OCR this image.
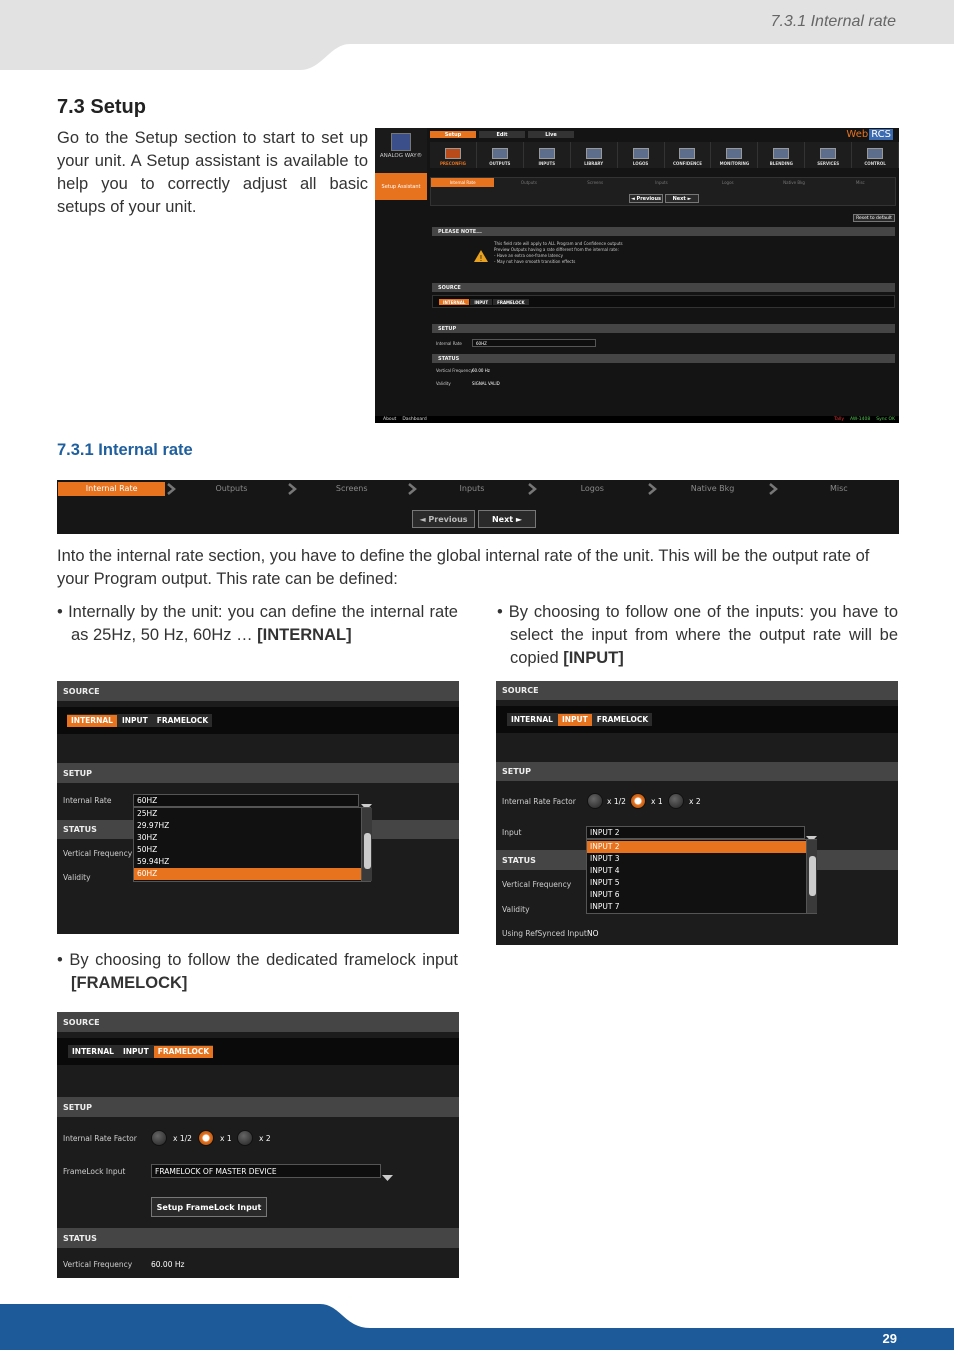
7.3.1 Internal rate
7.3 Setup
Go to the Setup section to start to set up your unit. A Setup assistant is available to help you to correctly adjust all basic setups of your unit.
ANALOG WAY®
Setup	Edit	Live	Web RCS
PRECONFIG	OUTPUTS	INPUTS	LIBRARY	LOGOS	CONFIDENCE	MONITORING	BLENDING	SERVICES	CONTROL
Setup Assistant
Internal Rate	Outputs	Screens	Inputs	Logos	Native Bkg	Misc
◄ Previous	Next ►
Reset to default
PLEASE NOTE...
!
This field rate will apply to ALL Program and Confidence outputs
Preview Outputs having a rate different from the internal rate:
- Have an extra one-frame latency
- May not have smooth transition effects
SOURCE
INTERNAL	INPUT	FRAMELOCK
SETUP
Internal Rate	60HZ
STATUS
Vertical Frequency 60.00 Hz
Validity	SIGNAL VALID
About Dashboard	Tally AW-1408 Sync OK
7.3.1 Internal rate
Internal Rate	Outputs	Screens	Inputs	Logos	Native Bkg	Misc
◄ Previous	Next ►
Into the internal rate section, you have to define the global internal rate of the unit. This will be the output rate of your Program output. This rate can be defined:
• Internally by the unit: you can define the internal rate as 25Hz, 50 Hz, 60Hz … [INTERNAL]
• By choosing to follow one of the inputs: you have to select the input from where the output rate will be copied [INPUT]
SOURCE
INTERNAL	INPUT	FRAMELOCK
SETUP
Internal Rate	60HZ
STATUS
Vertical Frequency
Validity
25HZ
29.97HZ
30HZ
50HZ
59.94HZ
60HZ
SOURCE
INTERNAL	INPUT	FRAMELOCK
SETUP
Internal Rate Factor	x 1/2	x 1	x 2
Input	INPUT 2
STATUS
Vertical Frequency
Validity
Using RefSynced Input NO
INPUT 2
INPUT 3
INPUT 4
INPUT 5
INPUT 6
INPUT 7
• By choosing to follow the dedicated framelock input [FRAMELOCK]
SOURCE
INTERNAL	INPUT	FRAMELOCK
SETUP
Internal Rate Factor	x 1/2	x 1	x 2
FrameLock Input	FRAMELOCK OF MASTER DEVICE
Setup FrameLock Input
STATUS
Vertical Frequency	60.00 Hz
29
